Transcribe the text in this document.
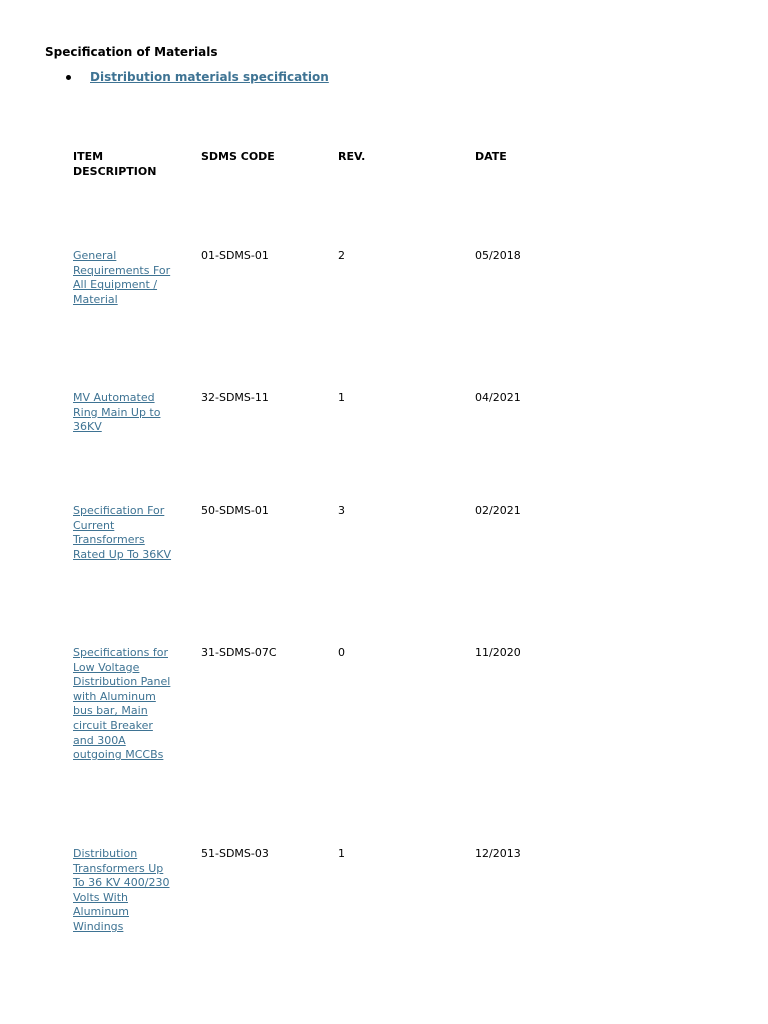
Specification of Materials
Distribution materials specification
ITEM DESCRIPTION	SDMS CODE	REV.	DATE

General Requirements For All Equipment / Material	01-SDMS-01	2	05/2018

MV Automated Ring Main Up to 36KV	32-SDMS-11	1	04/2021

Specification For Current Transformers Rated Up To 36KV	50-SDMS-01	3	02/2021

Specifications for Low Voltage Distribution Panel with Aluminum bus bar, Main circuit Breaker and 300A outgoing MCCBs	31-SDMS-07C	0	11/2020

Distribution Transformers Up To 36 KV 400/230 Volts With Aluminum Windings	51-SDMS-03	1	12/2013
